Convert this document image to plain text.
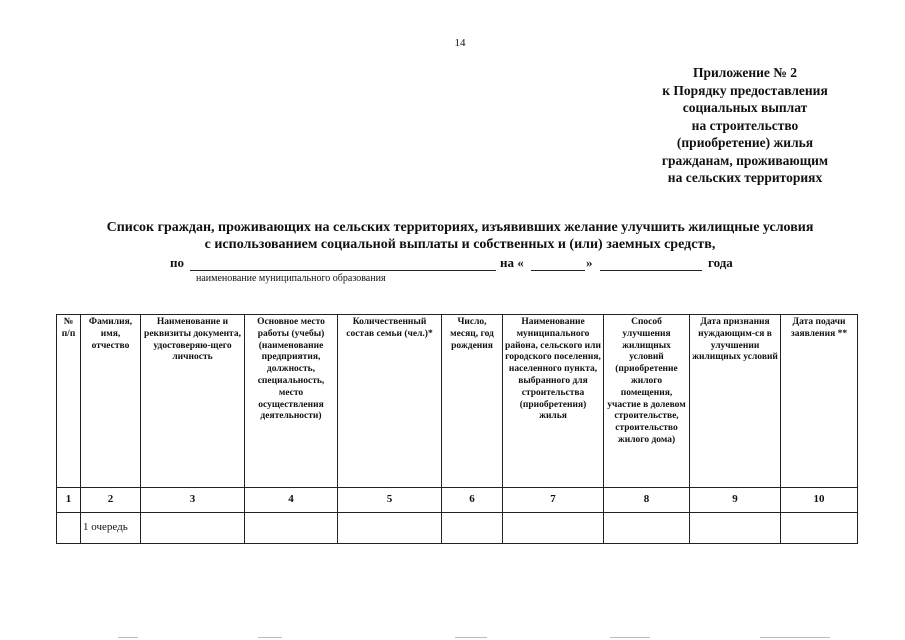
14
Приложение № 2
к Порядку предоставления
социальных выплат
на строительство
(приобретение) жилья
гражданам, проживающим
на сельских территориях
Список граждан, проживающих на сельских территориях, изъявивших желание улучшить жилищные условия
с использованием социальной выплаты и собственных и (или) заемных средств,
по	на «	»	года
наименование муниципального образования
№ п/п	Фамилия, имя, отчество	Наименование и реквизиты документа, удостоверяю-щего личность	Основное место работы (учебы) (наименование предприятия, должность, специальность, место осуществления деятельности)	Количественный состав семьи (чел.)*	Число, месяц, год рождения	Наименование муниципального района, сельского или городского поселения, населенного пункта, выбранного для строительства (приобретения) жилья	Способ улучшения жилищных условий (приобретение жилого помещения, участие в долевом строительстве, строительство жилого дома)	Дата признания нуждающим-ся в улучшении жилищных условий	Дата подачи заявления **

1	2	3	4	5	6	7	8	9	10
	1 очередь								
